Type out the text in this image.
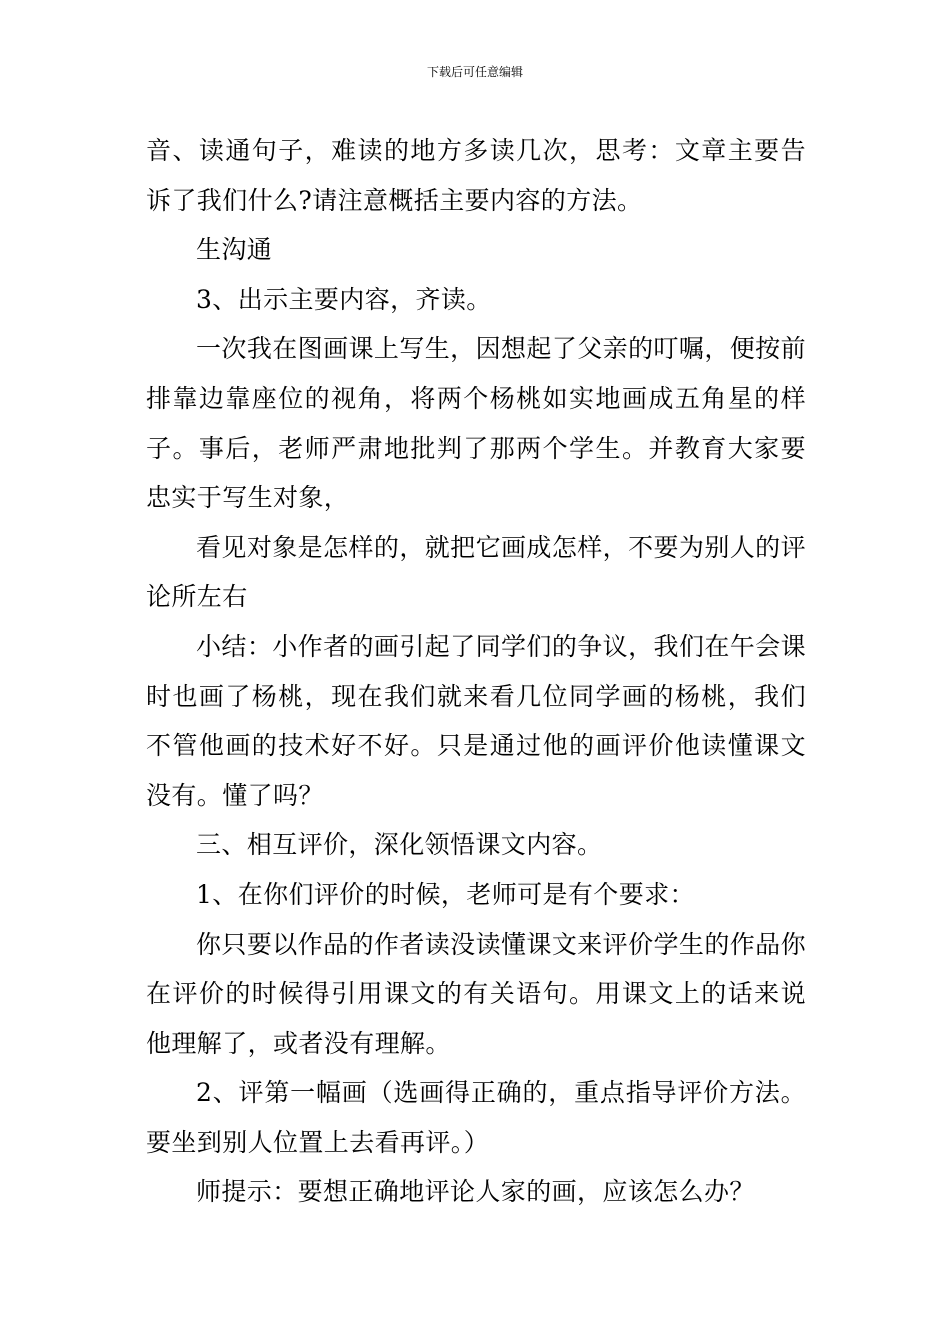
下载后可任意编辑

音、读通句子，难读的地方多读几次，思考：文章主要告诉了我们什么?请注意概括主要内容的方法。

生沟通

3、出示主要内容，齐读。

一次我在图画课上写生，因想起了父亲的叮嘱，便按前排靠边靠座位的视角，将两个杨桃如实地画成五角星的样子。事后，老师严肃地批判了那两个学生。并教育大家要忠实于写生对象，

看见对象是怎样的，就把它画成怎样，不要为别人的评论所左右

小结：小作者的画引起了同学们的争议，我们在午会课时也画了杨桃，现在我们就来看几位同学画的杨桃，我们不管他画的技术好不好。只是通过他的画评价他读懂课文没有。懂了吗？

三、相互评价，深化领悟课文内容。

1、在你们评价的时候，老师可是有个要求：

你只要以作品的作者读没读懂课文来评价学生的作品你在评价的时候得引用课文的有关语句。用课文上的话来说他理解了，或者没有理解。

2、评第一幅画（选画得正确的，重点指导评价方法。要坐到别人位置上去看再评。）

师提示：要想正确地评论人家的画，应该怎么办？
